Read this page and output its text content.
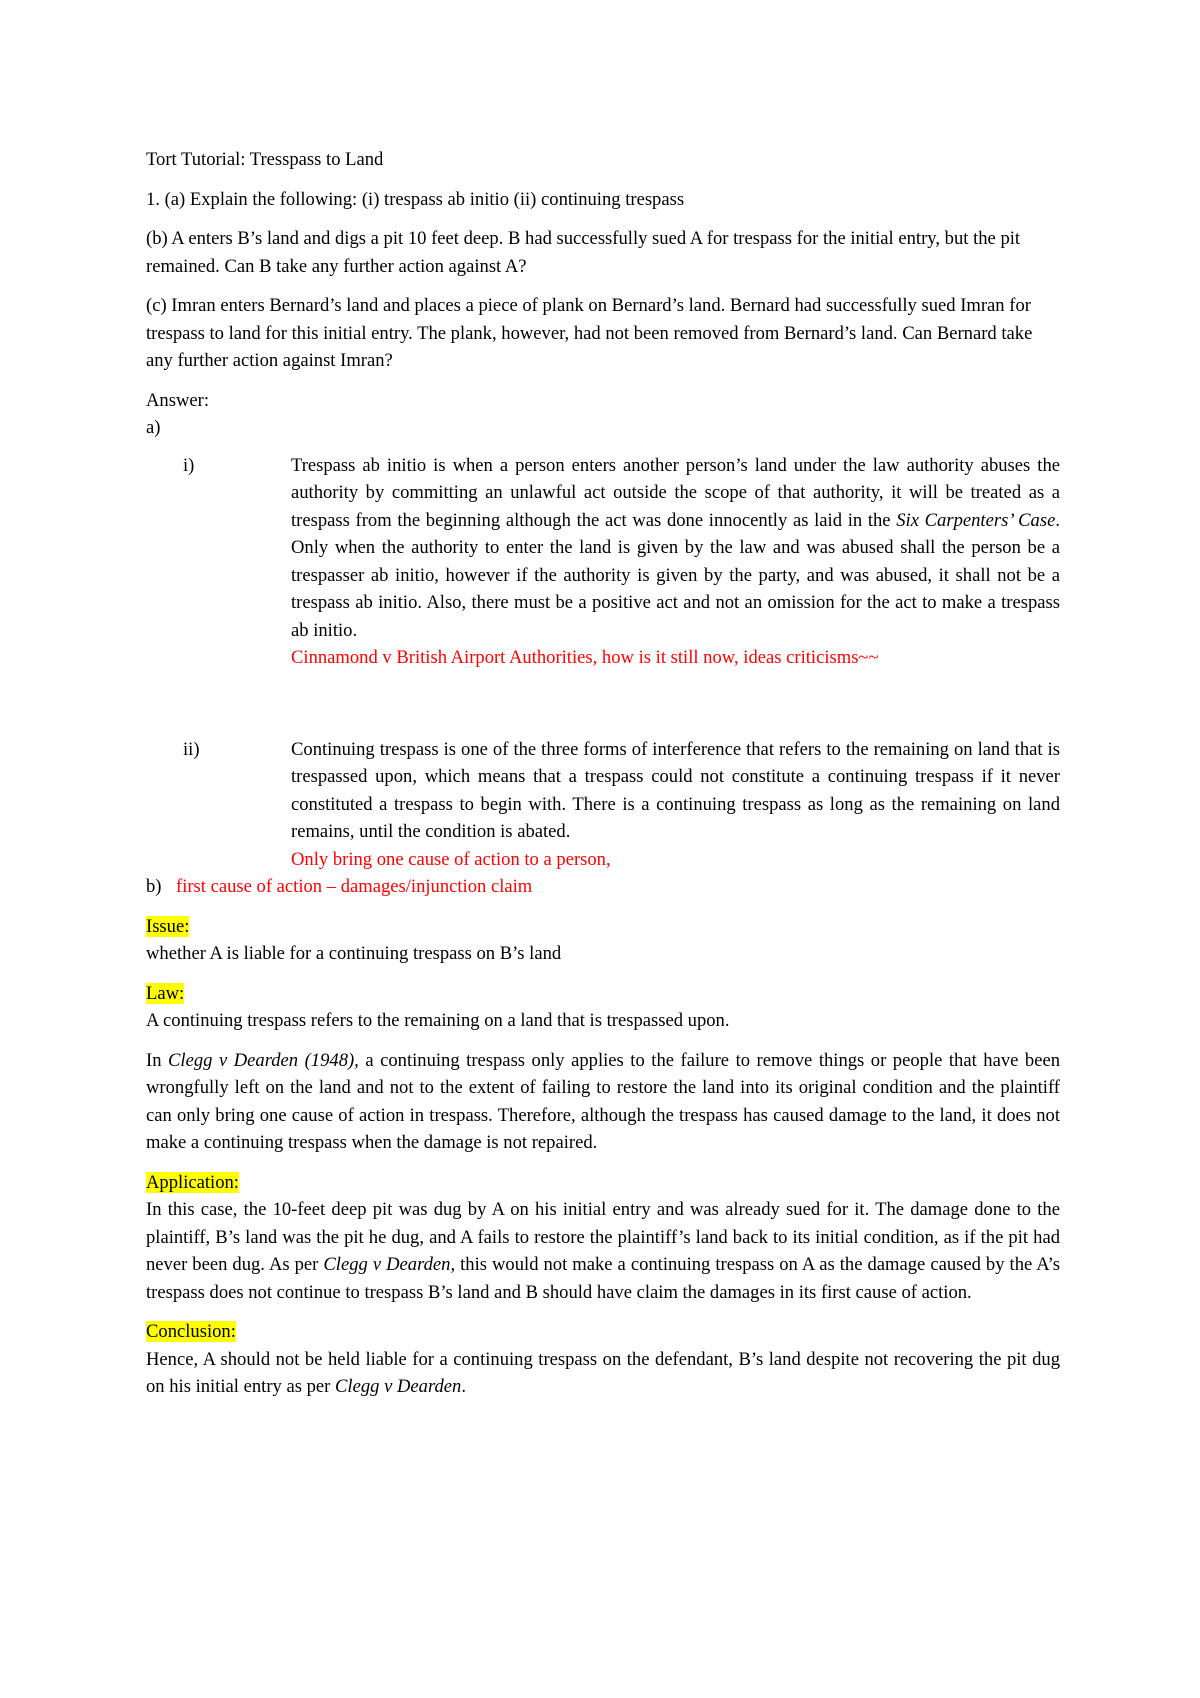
Tort Tutorial: Tresspass to Land

1. (a) Explain the following: (i) trespass ab initio (ii) continuing trespass

(b) A enters B’s land and digs a pit 10 feet deep. B had successfully sued A for trespass for the initial entry, but the pit remained. Can B take any further action against A?

(c) Imran enters Bernard’s land and places a piece of plank on Bernard’s land. Bernard had successfully sued Imran for trespass to land for this initial entry. The plank, however, had not been removed from Bernard’s land. Can Bernard take any further action against Imran?

Answer:

a)

i)	Trespass ab initio is when a person enters another person’s land under the law authority abuses the authority by committing an unlawful act outside the scope of that authority, it will be treated as a trespass from the beginning although the act was done innocently as laid in the Six Carpenters’ Case. Only when the authority to enter the land is given by the law and was abused shall the person be a trespasser ab initio, however if the authority is given by the party, and was abused, it shall not be a trespass ab initio. Also, there must be a positive act and not an omission for the act to make a trespass ab initio.

Cinnamond v British Airport Authorities, how is it still now, ideas criticisms~~

ii)	Continuing trespass is one of the three forms of interference that refers to the remaining on land that is trespassed upon, which means that a trespass could not constitute a continuing trespass if it never constituted a trespass to begin with. There is a continuing trespass as long as the remaining on land remains, until the condition is abated.

Only bring one cause of action to a person,

b) first cause of action – damages/injunction claim

Issue:

whether A is liable for a continuing trespass on B’s land

Law:

A continuing trespass refers to the remaining on a land that is trespassed upon.

In Clegg v Dearden (1948), a continuing trespass only applies to the failure to remove things or people that have been wrongfully left on the land and not to the extent of failing to restore the land into its original condition and the plaintiff can only bring one cause of action in trespass. Therefore, although the trespass has caused damage to the land, it does not make a continuing trespass when the damage is not repaired.

Application:

In this case, the 10-feet deep pit was dug by A on his initial entry and was already sued for it. The damage done to the plaintiff, B’s land was the pit he dug, and A fails to restore the plaintiff’s land back to its initial condition, as if the pit had never been dug. As per Clegg v Dearden, this would not make a continuing trespass on A as the damage caused by the A’s trespass does not continue to trespass B’s land and B should have claim the damages in its first cause of action.

Conclusion:

Hence, A should not be held liable for a continuing trespass on the defendant, B’s land despite not recovering the pit dug on his initial entry as per Clegg v Dearden.
